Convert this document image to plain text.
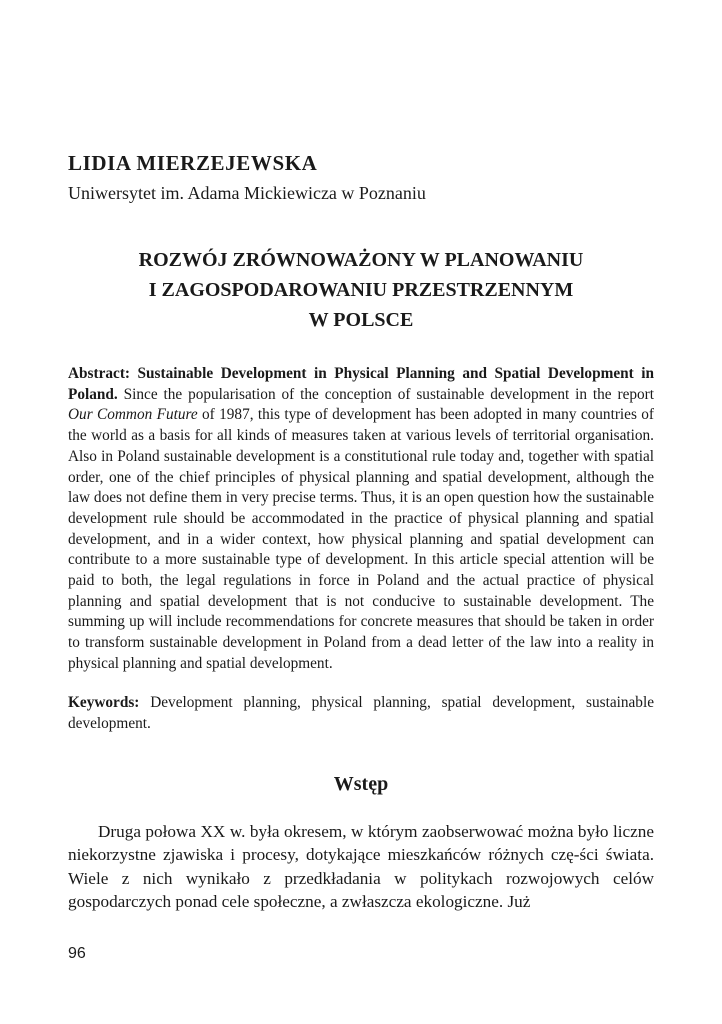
LIDIA MIERZEJEWSKA
Uniwersytet im. Adama Mickiewicza w Poznaniu
ROZWÓJ ZRÓWNOWAŻONY W PLANOWANIU
I ZAGOSPODAROWANIU PRZESTRZENNYM
W POLSCE
Abstract: Sustainable Development in Physical Planning and Spatial Development in Poland. Since the popularisation of the conception of sustainable development in the report Our Common Future of 1987, this type of development has been adopted in many countries of the world as a basis for all kinds of measures taken at various levels of territorial organisation. Also in Poland sustainable development is a constitutional rule today and, together with spatial order, one of the chief principles of physical planning and spatial development, although the law does not define them in very precise terms. Thus, it is an open question how the sustainable development rule should be accommodated in the practice of physical planning and spatial development, and in a wider context, how physical planning and spatial development can contribute to a more sustainable type of development. In this article special attention will be paid to both, the legal regulations in force in Poland and the actual practice of physical planning and spatial development that is not conducive to sustainable development. The summing up will include recommendations for concrete measures that should be taken in order to transform sustainable development in Poland from a dead letter of the law into a reality in physical planning and spatial development.
Keywords: Development planning, physical planning, spatial development, sustainable development.
Wstęp
Druga połowa XX w. była okresem, w którym zaobserwować można było liczne niekorzystne zjawiska i procesy, dotykające mieszkańców różnych czę-ści świata. Wiele z nich wynikało z przedkładania w politykach rozwojowych celów gospodarczych ponad cele społeczne, a zwłaszcza ekologiczne. Już
96
